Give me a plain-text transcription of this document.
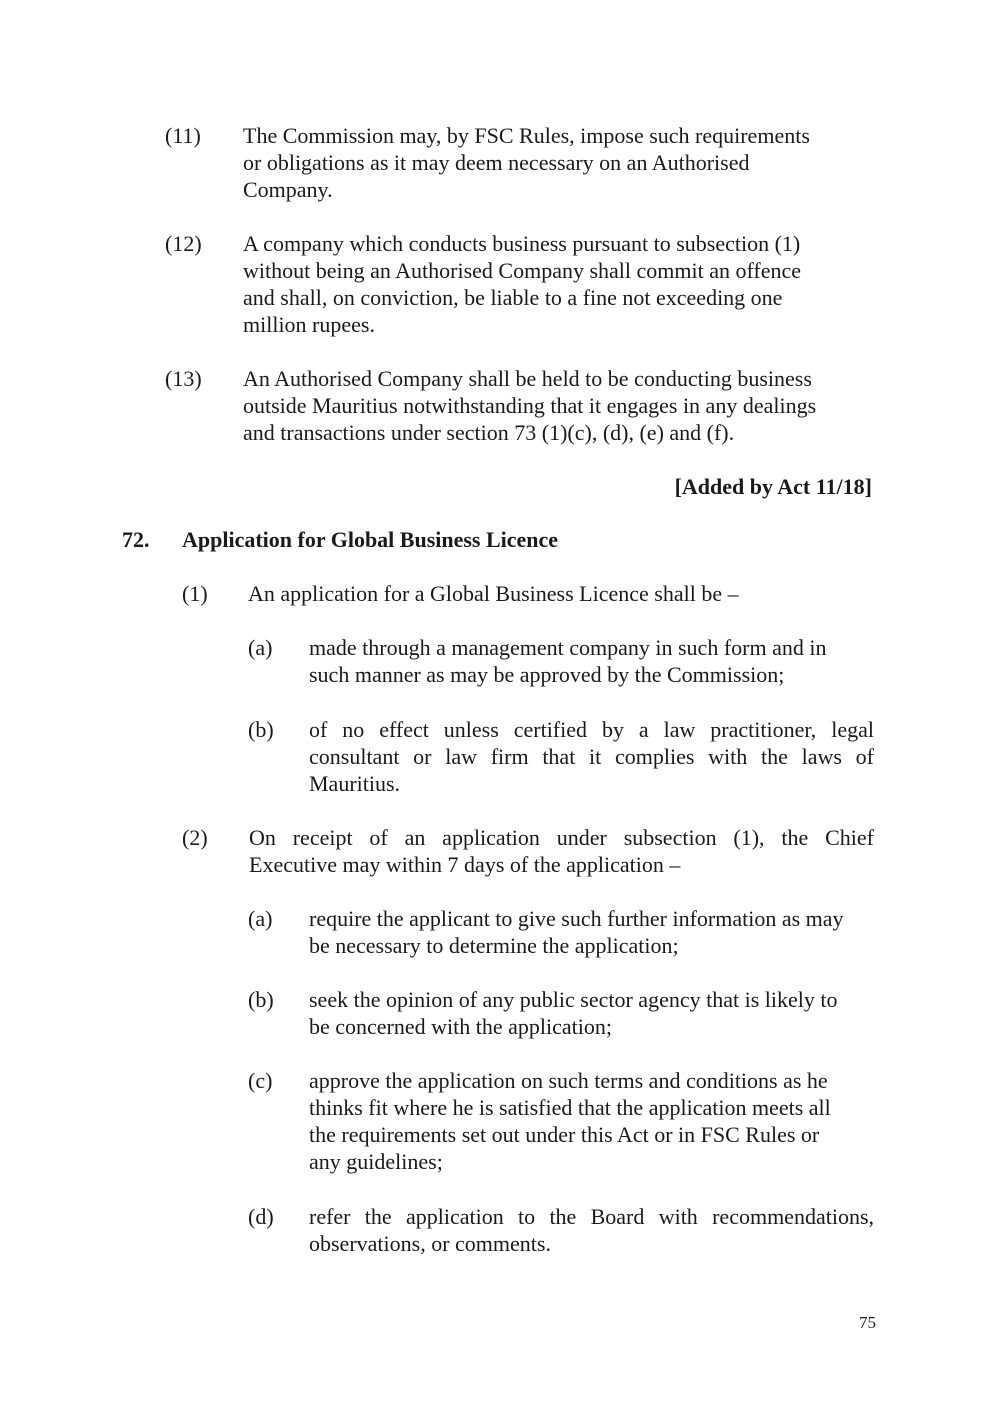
(11) The Commission may, by FSC Rules, impose such requirements
or obligations as it may deem necessary on an Authorised
Company.
(12) A company which conducts business pursuant to subsection (1)
without being an Authorised Company shall commit an offence
and shall, on conviction, be liable to a fine not exceeding one
million rupees.
(13) An Authorised Company shall be held to be conducting business
outside Mauritius notwithstanding that it engages in any dealings
and transactions under section 73 (1)(c), (d), (e) and (f).
[Added by Act 11/18]
72. Application for Global Business Licence
(1) An application for a Global Business Licence shall be –
(a) made through a management company in such form and in
such manner as may be approved by the Commission;
(b) of no effect unless certified by a law practitioner, legal
consultant or law firm that it complies with the laws of
Mauritius.
(2) On receipt of an application under subsection (1), the Chief
Executive may within 7 days of the application –
(a) require the applicant to give such further information as may
be necessary to determine the application;
(b) seek the opinion of any public sector agency that is likely to
be concerned with the application;
(c) approve the application on such terms and conditions as he
thinks fit where he is satisfied that the application meets all
the requirements set out under this Act or in FSC Rules or
any guidelines;
(d) refer the application to the Board with recommendations,
observations, or comments.
75
